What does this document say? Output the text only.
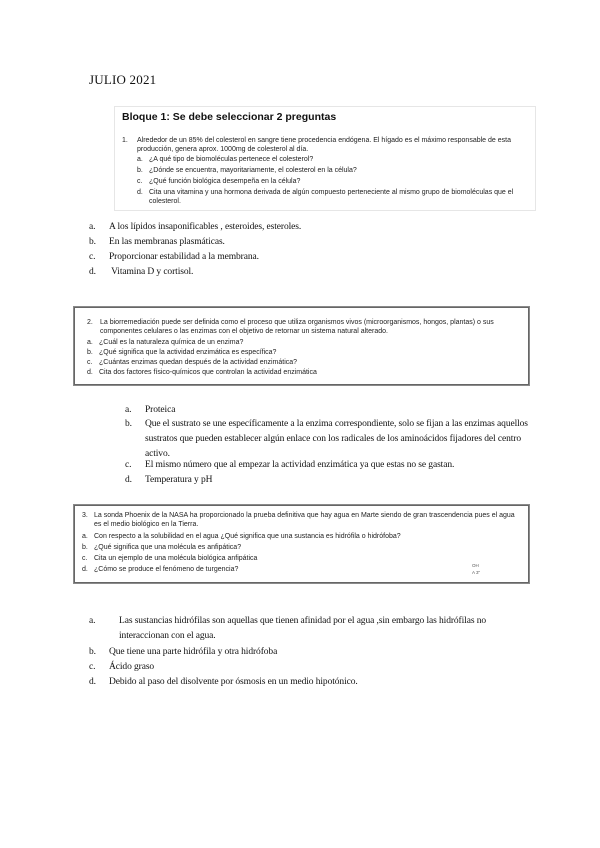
JULIO 2021
Bloque 1: Se debe seleccionar 2 preguntas
1. Alrededor de un 85% del colesterol en sangre tiene procedencia endógena. El hígado es el máximo responsable de esta producción, genera aprox. 1000mg de colesterol al día.
a. ¿A qué tipo de biomoléculas pertenece el colesterol?
b. ¿Dónde se encuentra, mayoritariamente, el colesterol en la célula?
c. ¿Qué función biológica desempeña en la célula?
d. Cita una vitamina y una hormona derivada de algún compuesto perteneciente al mismo grupo de biomoléculas que el colesterol.
a. A los lípidos insaponificables , esteroides, esteroles.
b. En las membranas plasmáticas.
c. Proporcionar estabilidad a la membrana.
d. Vitamina D y cortisol.
2. La biorremediación puede ser definida como el proceso que utiliza organismos vivos (microorganismos, hongos, plantas) o sus componentes celulares o las enzimas con el objetivo de retornar un sistema natural alterado.
a. ¿Cuál es la naturaleza química de un enzima?
b. ¿Qué significa que la actividad enzimática es específica?
c. ¿Cuántas enzimas quedan después de la actividad enzimática?
d. Cita dos factores físico-químicos que controlan la actividad enzimática
a. Proteica
b.	Que el sustrato se une específicamente a la enzima correspondiente, solo se fijan a las enzimas aquellos sustratos que pueden establecer algún enlace con los radicales de los aminoácidos fijadores del centro activo.
c. El mismo número que al empezar la actividad enzimática ya que estas no se gastan.
d. Temperatura y pH
3. La sonda Phoenix de la NASA ha proporcionado la prueba definitiva que hay agua en Marte siendo de gran trascendencia pues el agua es el medio biológico en la Tierra.
a. Con respecto a la solubilidad en el agua ¿Qué significa que una sustancia es hidrófila o hidrófoba?
b. ¿Qué significa que una molécula es anfipática?
c. Cita un ejemplo de una molécula biológica anfipática
d. ¿Cómo se produce el fenómeno de turgencia?
OH
A 3"
a.	Las sustancias hidrófilas son aquellas que tienen afinidad por el agua ,sin embargo las hidrófilas no interaccionan con el agua.
b. Que tiene una parte hidrófila y otra hidrófoba
c. Ácido graso
d. Debido al paso del disolvente por ósmosis en un medio hipotónico.
